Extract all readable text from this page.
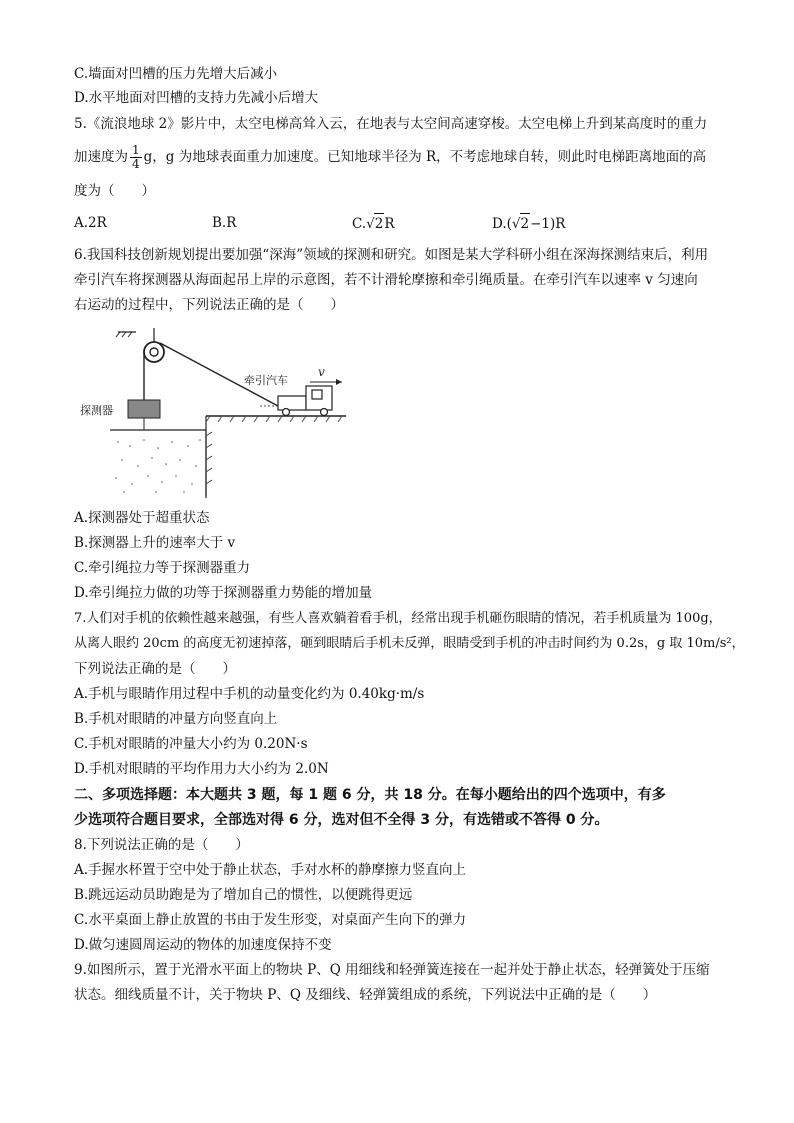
C.墙面对凹槽的压力先增大后减小
D.水平地面对凹槽的支持力先减小后增大
5.《流浪地球 2》影片中，太空电梯高耸入云，在地表与太空间高速穿梭。太空电梯上升到某高度时的重力
加速度为 $\frac{1}{4}$ g，g 为地球表面重力加速度。已知地球半径为 R，不考虑地球自转，则此时电梯距离地面的高
度为（　　）
A.2R	B.R	C.√2R	D.(√2−1)R
6.我国科技创新规划提出要加强“深海”领域的探测和研究。如图是某大学科研小组在深海探测结束后，利用
牵引汽车将探测器从海面起吊上岸的示意图，若不计滑轮摩擦和牵引绳质量。在牵引汽车以速率 v 匀速向
右运动的过程中，下列说法正确的是（　　）
探测器
牵引汽车
v
A.探测器处于超重状态
B.探测器上升的速率大于 v
C.牵引绳拉力等于探测器重力
D.牵引绳拉力做的功等于探测器重力势能的增加量
7.人们对手机的依赖性越来越强，有些人喜欢躺着看手机，经常出现手机砸伤眼睛的情况，若手机质量为 100g，
从离人眼约 20cm 的高度无初速掉落，砸到眼睛后手机未反弹，眼睛受到手机的冲击时间约为 0.2s，g 取 10m/s²，
下列说法正确的是（　　）
A.手机与眼睛作用过程中手机的动量变化约为 0.40kg·m/s
B.手机对眼睛的冲量方向竖直向上
C.手机对眼睛的冲量大小约为 0.20N·s
D.手机对眼睛的平均作用力大小约为 2.0N
二、多项选择题：本大题共 3 题，每 1 题 6 分，共 18 分。在每小题给出的四个选项中，有多
少选项符合题目要求，全部选对得 6 分，选对但不全得 3 分，有选错或不答得 0 分。
8.下列说法正确的是（　　）
A.手握水杯置于空中处于静止状态，手对水杯的静摩擦力竖直向上
B.跳远运动员助跑是为了增加自己的惯性，以便跳得更远
C.水平桌面上静止放置的书由于发生形变，对桌面产生向下的弹力
D.做匀速圆周运动的物体的加速度保持不变
9.如图所示，置于光滑水平面上的物块 P、Q 用细线和轻弹簧连接在一起并处于静止状态，轻弹簧处于压缩
状态。细线质量不计，关于物块 P、Q 及细线、轻弹簧组成的系统，下列说法中正确的是（　　）
